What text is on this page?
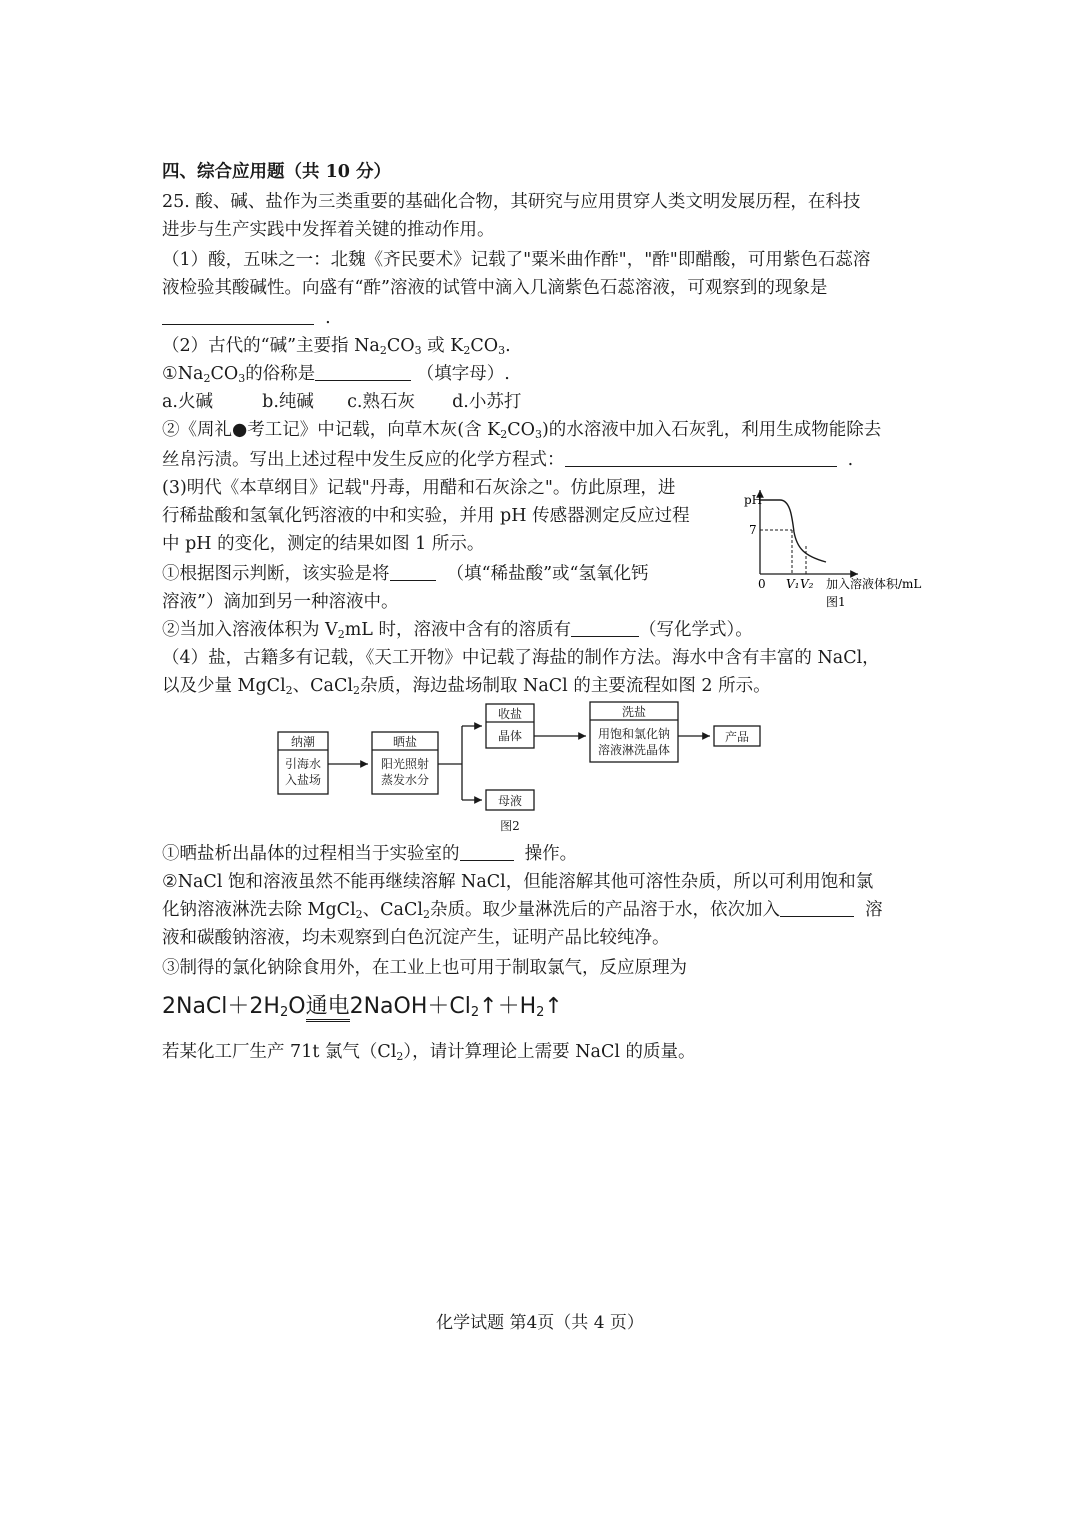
四、综合应用题（共 10 分）
25. 酸、碱、盐作为三类重要的基础化合物，其研究与应用贯穿人类文明发展历程，在科技
进步与生产实践中发挥着关键的推动作用。
（1）酸，五味之一：北魏《齐民要术》记载了"粟米曲作酢"，"酢"即醋酸，可用紫色石蕊溶
液检验其酸碱性。向盛有“酢”溶液的试管中滴入几滴紫色石蕊溶液，可观察到的现象是
.
（2）古代的“碱”主要指 $Na_2CO_3$ 或 $K_2CO_3$.
$①Na_2CO_3$的俗称是	（填字母）.
a.火碱	b.纯碱 c.熟石灰 d.小苏打
②《周礼●考工记》中记载，向草木灰(含 $K_2CO_3$)的水溶液中加入石灰乳，利用生成物能除去
丝帛污渍。写出上述过程中发生反应的化学方程式：	.
(3)明代《本草纲目》记载"丹毒，用醋和石灰涂之"。仿此原理，进
行稀盐酸和氢氧化钙溶液的中和实验，并用 pH 传感器测定反应过程
中 pH 的变化，测定的结果如图 1 所示。
①根据图示判断，该实验是将	（填“稀盐酸”或“氢氧化钙
溶液”）滴加到另一种溶液中。
②当加入溶液体积为 $V_2mL$ 时，溶液中含有的溶质有	（写化学式）。
pH
7
0 V₁ V₂ 加入溶液体积/mL
图1
（4）盐，古籍多有记载，《天工开物》中记载了海盐的制作方法。海水中含有丰富的 NaCl，
以及少量 MgCl$_2$、CaCl$_2$杂质，海边盐场制取 NaCl 的主要流程如图 2 所示。
纳潮
引海水
入盐场
晒盐
阳光照射
蒸发水分
收盐
晶体
洗盐
用饱和氯化钠
溶液淋洗晶体
产品
母液
图2
①晒盐析出晶体的过程相当于实验室的	操作。
②NaCl 饱和溶液虽然不能再继续溶解 NaCl，但能溶解其他可溶性杂质，所以可利用饱和氯
化钠溶液淋洗去除 MgCl$_2$、CaCl$_2$杂质。取少量淋洗后的产品溶于水，依次加入	溶
液和碳酸钠溶液，均未观察到白色沉淀产生，证明产品比较纯净。
③制得的氯化钠除食用外，在工业上也可用于制取氯气，反应原理为
$2NaCl+2H_2O$通电$2NaOH+Cl_2↑+H_2↑$
若某化工厂生产 71t 氯气$(Cl_2)$，请计算理论上需要 NaCl 的质量。
化学试题 第4页（共 4 页）
